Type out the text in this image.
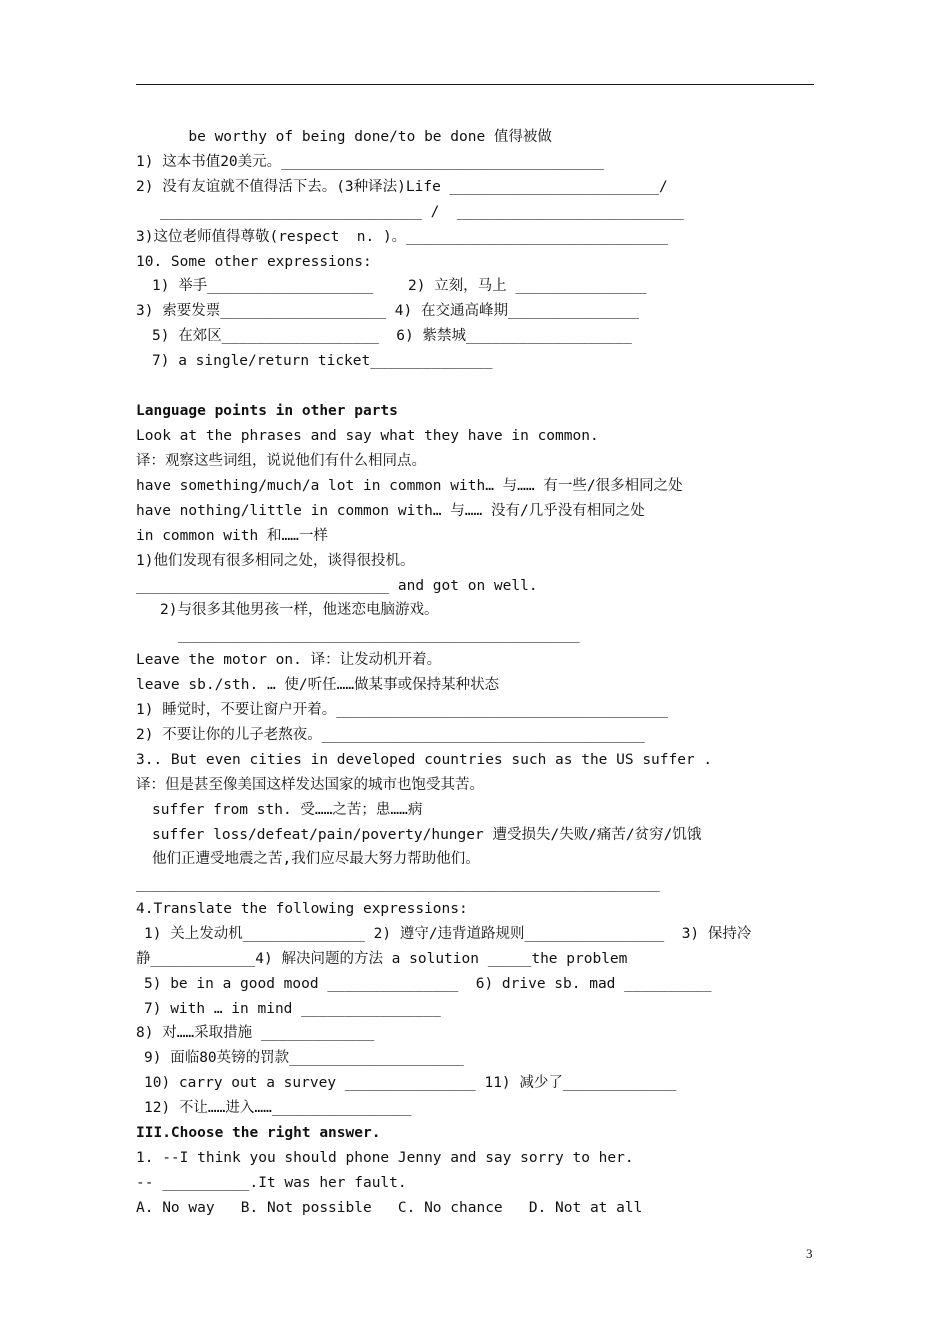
be worthy of being done/to be done 值得被做
1) 这本书值20美元。_____________________________________
2) 没有友谊就不值得活下去。(3种译法)Life ________________________/
______________________________ /  __________________________
3)这位老师值得尊敬(respect  n. )。______________________________
10. Some other expressions:
1) 举手___________________    2) 立刻，马上 _______________
3) 索要发票___________________ 4) 在交通高峰期_______________
5) 在郊区__________________  6) 紫禁城___________________
7) a single/return ticket______________
Language points in other parts
Look at the phrases and say what they have in common.
译：观察这些词组，说说他们有什么相同点。
have something/much/a lot in common with… 与…… 有一些/很多相同之处
have nothing/little in common with… 与…… 没有/几乎没有相同之处
in common with 和……一样
1)他们发现有很多相同之处，谈得很投机。
_____________________________ and got on well.
2)与很多其他男孩一样，他迷恋电脑游戏。
______________________________________________
Leave the motor on. 译：让发动机开着。
leave sb./sth. … 使/听任……做某事或保持某种状态
1) 睡觉时，不要让窗户开着。______________________________________
2) 不要让你的儿子老熬夜。_____________________________________
3.. But even cities in developed countries such as the US suffer .
译：但是甚至像美国这样发达国家的城市也饱受其苦。
suffer from sth. 受……之苦；患……病
suffer loss/defeat/pain/poverty/hunger 遭受损失/失败/痛苦/贫穷/饥饿
他们正遭受地震之苦,我们应尽最大努力帮助他们。
____________________________________________________________
4.Translate the following expressions:
1) 关上发动机______________ 2) 遵守/违背道路规则________________  3) 保持冷
静____________4) 解决问题的方法 a solution _____the problem
5) be in a good mood _______________  6) drive sb. mad __________
7) with … in mind ________________
8) 对……采取措施 _____________
9) 面临80英镑的罚款____________________
10) carry out a survey _______________ 11) 减少了_____________
12) 不让……进入……________________
III.Choose the right answer.
1. --I think you should phone Jenny and say sorry to her.
-- __________.It was her fault.
A. No way   B. Not possible   C. No chance   D. Not at all
3
